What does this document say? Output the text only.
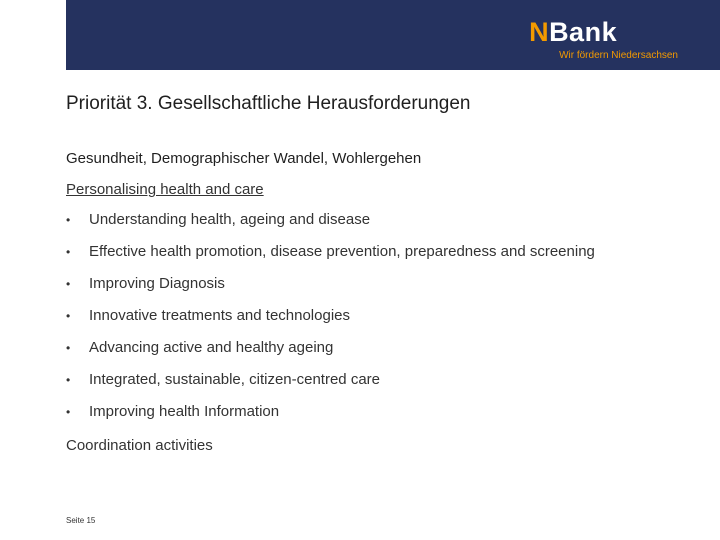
NBank
Wir fördern Niedersachsen
Priorität 3. Gesellschaftliche Herausforderungen
Gesundheit, Demographischer Wandel, Wohlergehen
Personalising health and care
• Understanding health, ageing and disease
• Effective health promotion, disease prevention, preparedness and screening
• Improving Diagnosis
• Innovative treatments and technologies
• Advancing active and healthy ageing
• Integrated, sustainable, citizen-centred care
• Improving health Information
Coordination activities
Seite 15
